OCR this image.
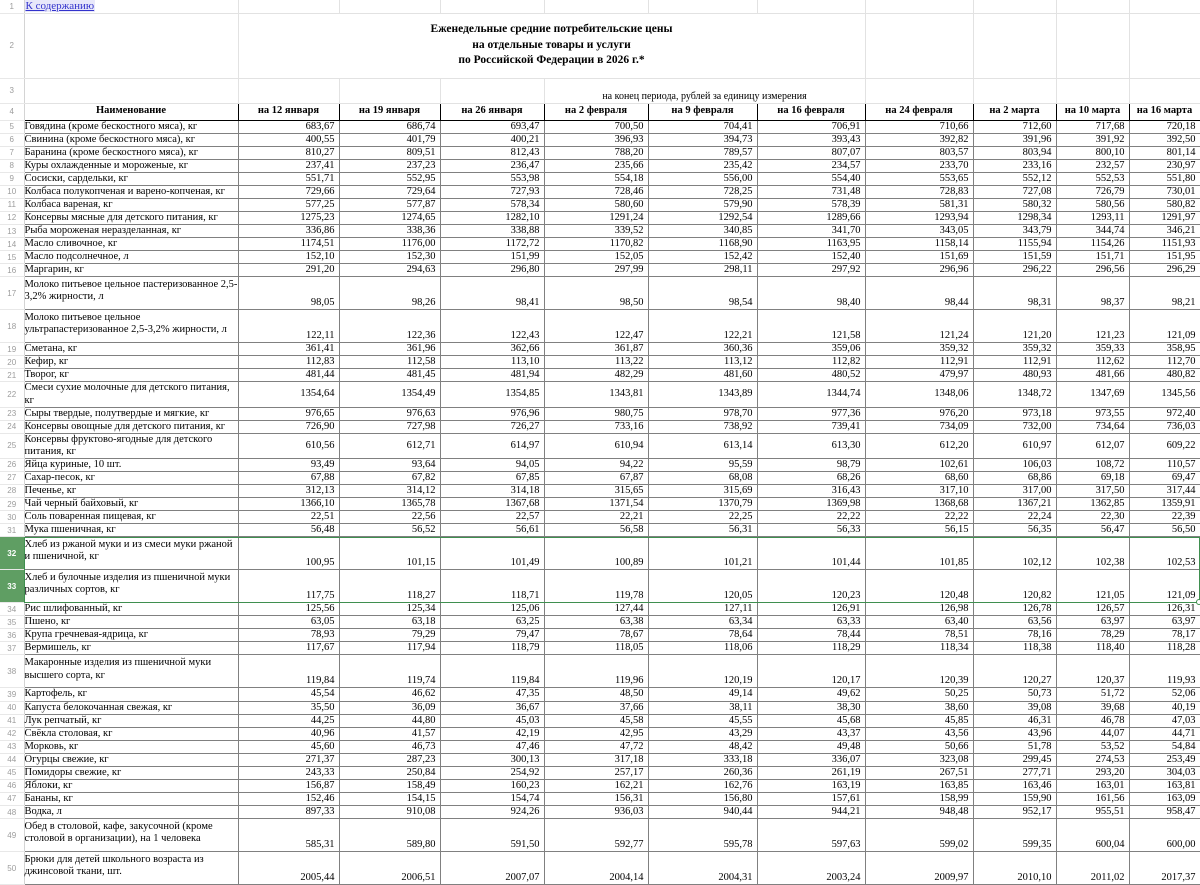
1	К содержанию										
2		Еженедельные средние потребительские цены
на отдельные товары и услуги
по Российской Федерации в 2026 г.*									

3					на конец периода, рублей за единицу измерения						

4	Наименование	на 12 января	на 19 января	на 26 января	на 2 февраля	на 9 февраля	на 16 февраля	на 24 февраля	на 2 марта	на 10 марта	на 16 марта
5	Говядина (кроме бескостного мяса), кг	683,67	686,74	693,47	700,50	704,41	706,91	710,66	712,60	717,68	720,18
6	Свинина (кроме бескостного мяса), кг	400,55	401,79	400,21	396,93	394,73	393,43	392,82	391,96	391,92	392,50
7	Баранина (кроме бескостного мяса), кг	810,27	809,51	812,43	788,20	789,57	807,07	803,57	803,94	800,10	801,14
8	Куры охлажденные и мороженые, кг	237,41	237,23	236,47	235,66	235,42	234,57	233,70	233,16	232,57	230,97
9	Сосиски, сардельки, кг	551,71	552,95	553,98	554,18	556,00	554,40	553,65	552,12	552,53	551,80
10	Колбаса полукопченая и варено-копченая, кг	729,66	729,64	727,93	728,46	728,25	731,48	728,83	727,08	726,79	730,01
11	Колбаса вареная, кг	577,25	577,87	578,34	580,60	579,90	578,39	581,31	580,32	580,56	580,82
12	Консервы мясные для детского питания, кг	1275,23	1274,65	1282,10	1291,24	1292,54	1289,66	1293,94	1298,34	1293,11	1291,97
13	Рыба мороженая неразделанная, кг	336,86	338,36	338,88	339,52	340,85	341,70	343,05	343,79	344,74	346,21
14	Масло сливочное, кг	1174,51	1176,00	1172,72	1170,82	1168,90	1163,95	1158,14	1155,94	1154,26	1151,93
15	Масло подсолнечное, л	152,10	152,30	151,99	152,05	152,42	152,40	151,69	151,59	151,71	151,95
16	Маргарин, кг	291,20	294,63	296,80	297,99	298,11	297,92	296,96	296,22	296,56	296,29
17	Молоко питьевое цельное пастеризованное 2,5-3,2% жирности, л	98,05	98,26	98,41	98,50	98,54	98,40	98,44	98,31	98,37	98,21
18	Молоко питьевое цельное ультрапастеризованное 2,5-3,2% жирности, л	122,11	122,36	122,43	122,47	122,21	121,58	121,24	121,20	121,23	121,09
19	Сметана, кг	361,41	361,96	362,66	361,87	360,36	359,06	359,32	359,32	359,33	358,95
20	Кефир, кг	112,83	112,58	113,10	113,22	113,12	112,82	112,91	112,91	112,62	112,70
21	Творог, кг	481,44	481,45	481,94	482,29	481,60	480,52	479,97	480,93	481,66	480,82
22	Смеси сухие молочные для детского питания, кг	1354,64	1354,49	1354,85	1343,81	1343,89	1344,74	1348,06	1348,72	1347,69	1345,56
23	Сыры твердые, полутвердые и мягкие, кг	976,65	976,63	976,96	980,75	978,70	977,36	976,20	973,18	973,55	972,40
24	Консервы овощные для детского питания, кг	726,90	727,98	726,27	733,16	738,92	739,41	734,09	732,00	734,64	736,03
25	Консервы фруктово-ягодные для детского питания, кг	610,56	612,71	614,97	610,94	613,14	613,30	612,20	610,97	612,07	609,22
26	Яйца куриные, 10 шт.	93,49	93,64	94,05	94,22	95,59	98,79	102,61	106,03	108,72	110,57
27	Сахар-песок, кг	67,88	67,82	67,85	67,87	68,08	68,26	68,60	68,86	69,18	69,47
28	Печенье, кг	312,13	314,12	314,18	315,65	315,69	316,43	317,10	317,00	317,50	317,44
29	Чай черный байховый, кг	1366,10	1365,78	1367,68	1371,54	1370,79	1369,98	1368,68	1367,21	1362,85	1359,91
30	Соль поваренная пищевая, кг	22,51	22,56	22,57	22,21	22,25	22,22	22,22	22,24	22,30	22,39
31	Мука пшеничная, кг	56,48	56,52	56,61	56,58	56,31	56,33	56,15	56,35	56,47	56,50
32	Хлеб из ржаной муки и из смеси муки ржаной и пшеничной, кг	100,95	101,15	101,49	100,89	101,21	101,44	101,85	102,12	102,38	102,53
33	Хлеб и булочные изделия из пшеничной муки различных сортов, кг	117,75	118,27	118,71	119,78	120,05	120,23	120,48	120,82	121,05	121,09
34	Рис шлифованный, кг	125,56	125,34	125,06	127,44	127,11	126,91	126,98	126,78	126,57	126,31
35	Пшено, кг	63,05	63,18	63,25	63,38	63,34	63,33	63,40	63,56	63,97	63,97
36	Крупа гречневая-ядрица, кг	78,93	79,29	79,47	78,67	78,64	78,44	78,51	78,16	78,29	78,17
37	Вермишель, кг	117,67	117,94	118,79	118,05	118,06	118,29	118,34	118,38	118,40	118,28
38	Макаронные изделия из пшеничной муки высшего сорта, кг	119,84	119,74	119,84	119,96	120,19	120,17	120,39	120,27	120,37	119,93
39	Картофель, кг	45,54	46,62	47,35	48,50	49,14	49,62	50,25	50,73	51,72	52,06
40	Капуста белокочанная свежая, кг	35,50	36,09	36,67	37,66	38,11	38,30	38,60	39,08	39,68	40,19
41	Лук репчатый, кг	44,25	44,80	45,03	45,58	45,55	45,68	45,85	46,31	46,78	47,03
42	Свёкла столовая, кг	40,96	41,57	42,19	42,95	43,29	43,37	43,56	43,96	44,07	44,71
43	Морковь, кг	45,60	46,73	47,46	47,72	48,42	49,48	50,66	51,78	53,52	54,84
44	Огурцы свежие, кг	271,37	287,23	300,13	317,18	333,18	336,07	323,08	299,45	274,53	253,49
45	Помидоры свежие, кг	243,33	250,84	254,92	257,17	260,36	261,19	267,51	277,71	293,20	304,03
46	Яблоки, кг	156,87	158,49	160,23	162,21	162,76	163,19	163,85	163,46	163,01	163,81
47	Бананы, кг	152,46	154,15	154,74	156,31	156,80	157,61	158,99	159,90	161,56	163,09
48	Водка, л	897,33	910,08	924,26	936,03	940,44	944,21	948,48	952,17	955,51	958,47
49	Обед в столовой, кафе, закусочной (кроме столовой в организации), на 1 человека	585,31	589,80	591,50	592,77	595,78	597,63	599,02	599,35	600,04	600,00
50	Брюки для детей школьного возраста из джинсовой ткани, шт.	2005,44	2006,51	2007,07	2004,14	2004,31	2003,24	2009,97	2010,10	2011,02	2017,37
